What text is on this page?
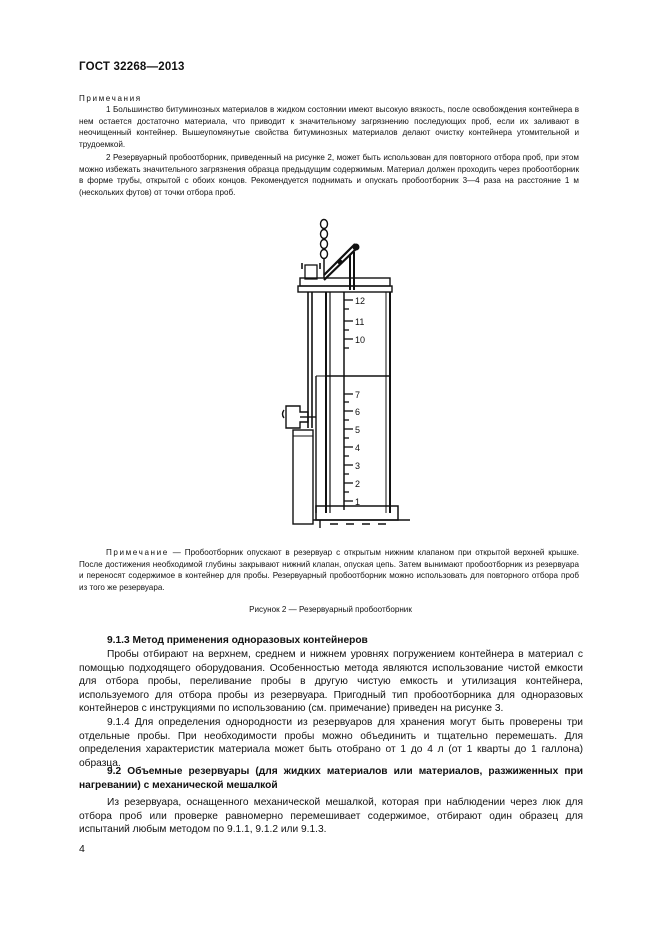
ГОСТ 32268—2013
Примечания
1 Большинство битуминозных материалов в жидком состоянии имеют высокую вязкость, после освобождения контейнера в нем остается достаточно материала, что приводит к значительному загрязнению последующих проб, если их заливают в неочищенный контейнер. Вышеупомянутые свойства битуминозных материалов делают очистку контейнера утомительной и трудоемкой.
2 Резервуарный пробоотборник, приведенный на рисунке 2, может быть использован для повторного отбора проб, при этом можно избежать значительного загрязнения образца предыдущим содержимым. Материал должен проходить через пробоотборник в форме трубы, открытой с обоих концов. Рекомендуется поднимать и опускать пробоотборник 3—4 раза на расстояние 1 м (нескольких футов) от точки отбора проб.
12
11
10
7
6
5
4
3
2
1
Примечание — Пробоотборник опускают в резервуар с открытым нижним клапаном при открытой верхней крышке. После достижения необходимой глубины закрывают нижний клапан, опуская цепь. Затем вынимают пробоотборник из резервуара и переносят содержимое в контейнер для пробы. Резервуарный пробоотборник можно использовать для повторного отбора проб из того же резервуара.
Рисунок 2 — Резервуарный пробоотборник
9.1.3 Метод применения одноразовых контейнеров
Пробы отбирают на верхнем, среднем и нижнем уровнях погружением контейнера в материал с помощью подходящего оборудования. Особенностью метода являются использование чистой емкости для отбора пробы, переливание пробы в другую чистую емкость и утилизация контейнера, используемого для отбора пробы из резервуара. Пригодный тип пробоотборника для одноразовых контейнеров с инструкциями по использованию (см. примечание) приведен на рисунке 3.
9.1.4 Для определения однородности из резервуаров для хранения могут быть проверены три отдельные пробы. При необходимости пробы можно объединить и тщательно перемешать. Для определения характеристик материала может быть отобрано от 1 до 4 л (от 1 кварты до 1 галлона) образца.
9.2 Объемные резервуары (для жидких материалов или материалов, разжиженных при нагревании) с механической мешалкой
Из резервуара, оснащенного механической мешалкой, которая при наблюдении через люк для отбора проб или проверке равномерно перемешивает содержимое, отбирают один образец для испытаний любым методом по 9.1.1, 9.1.2 или 9.1.3.
4
